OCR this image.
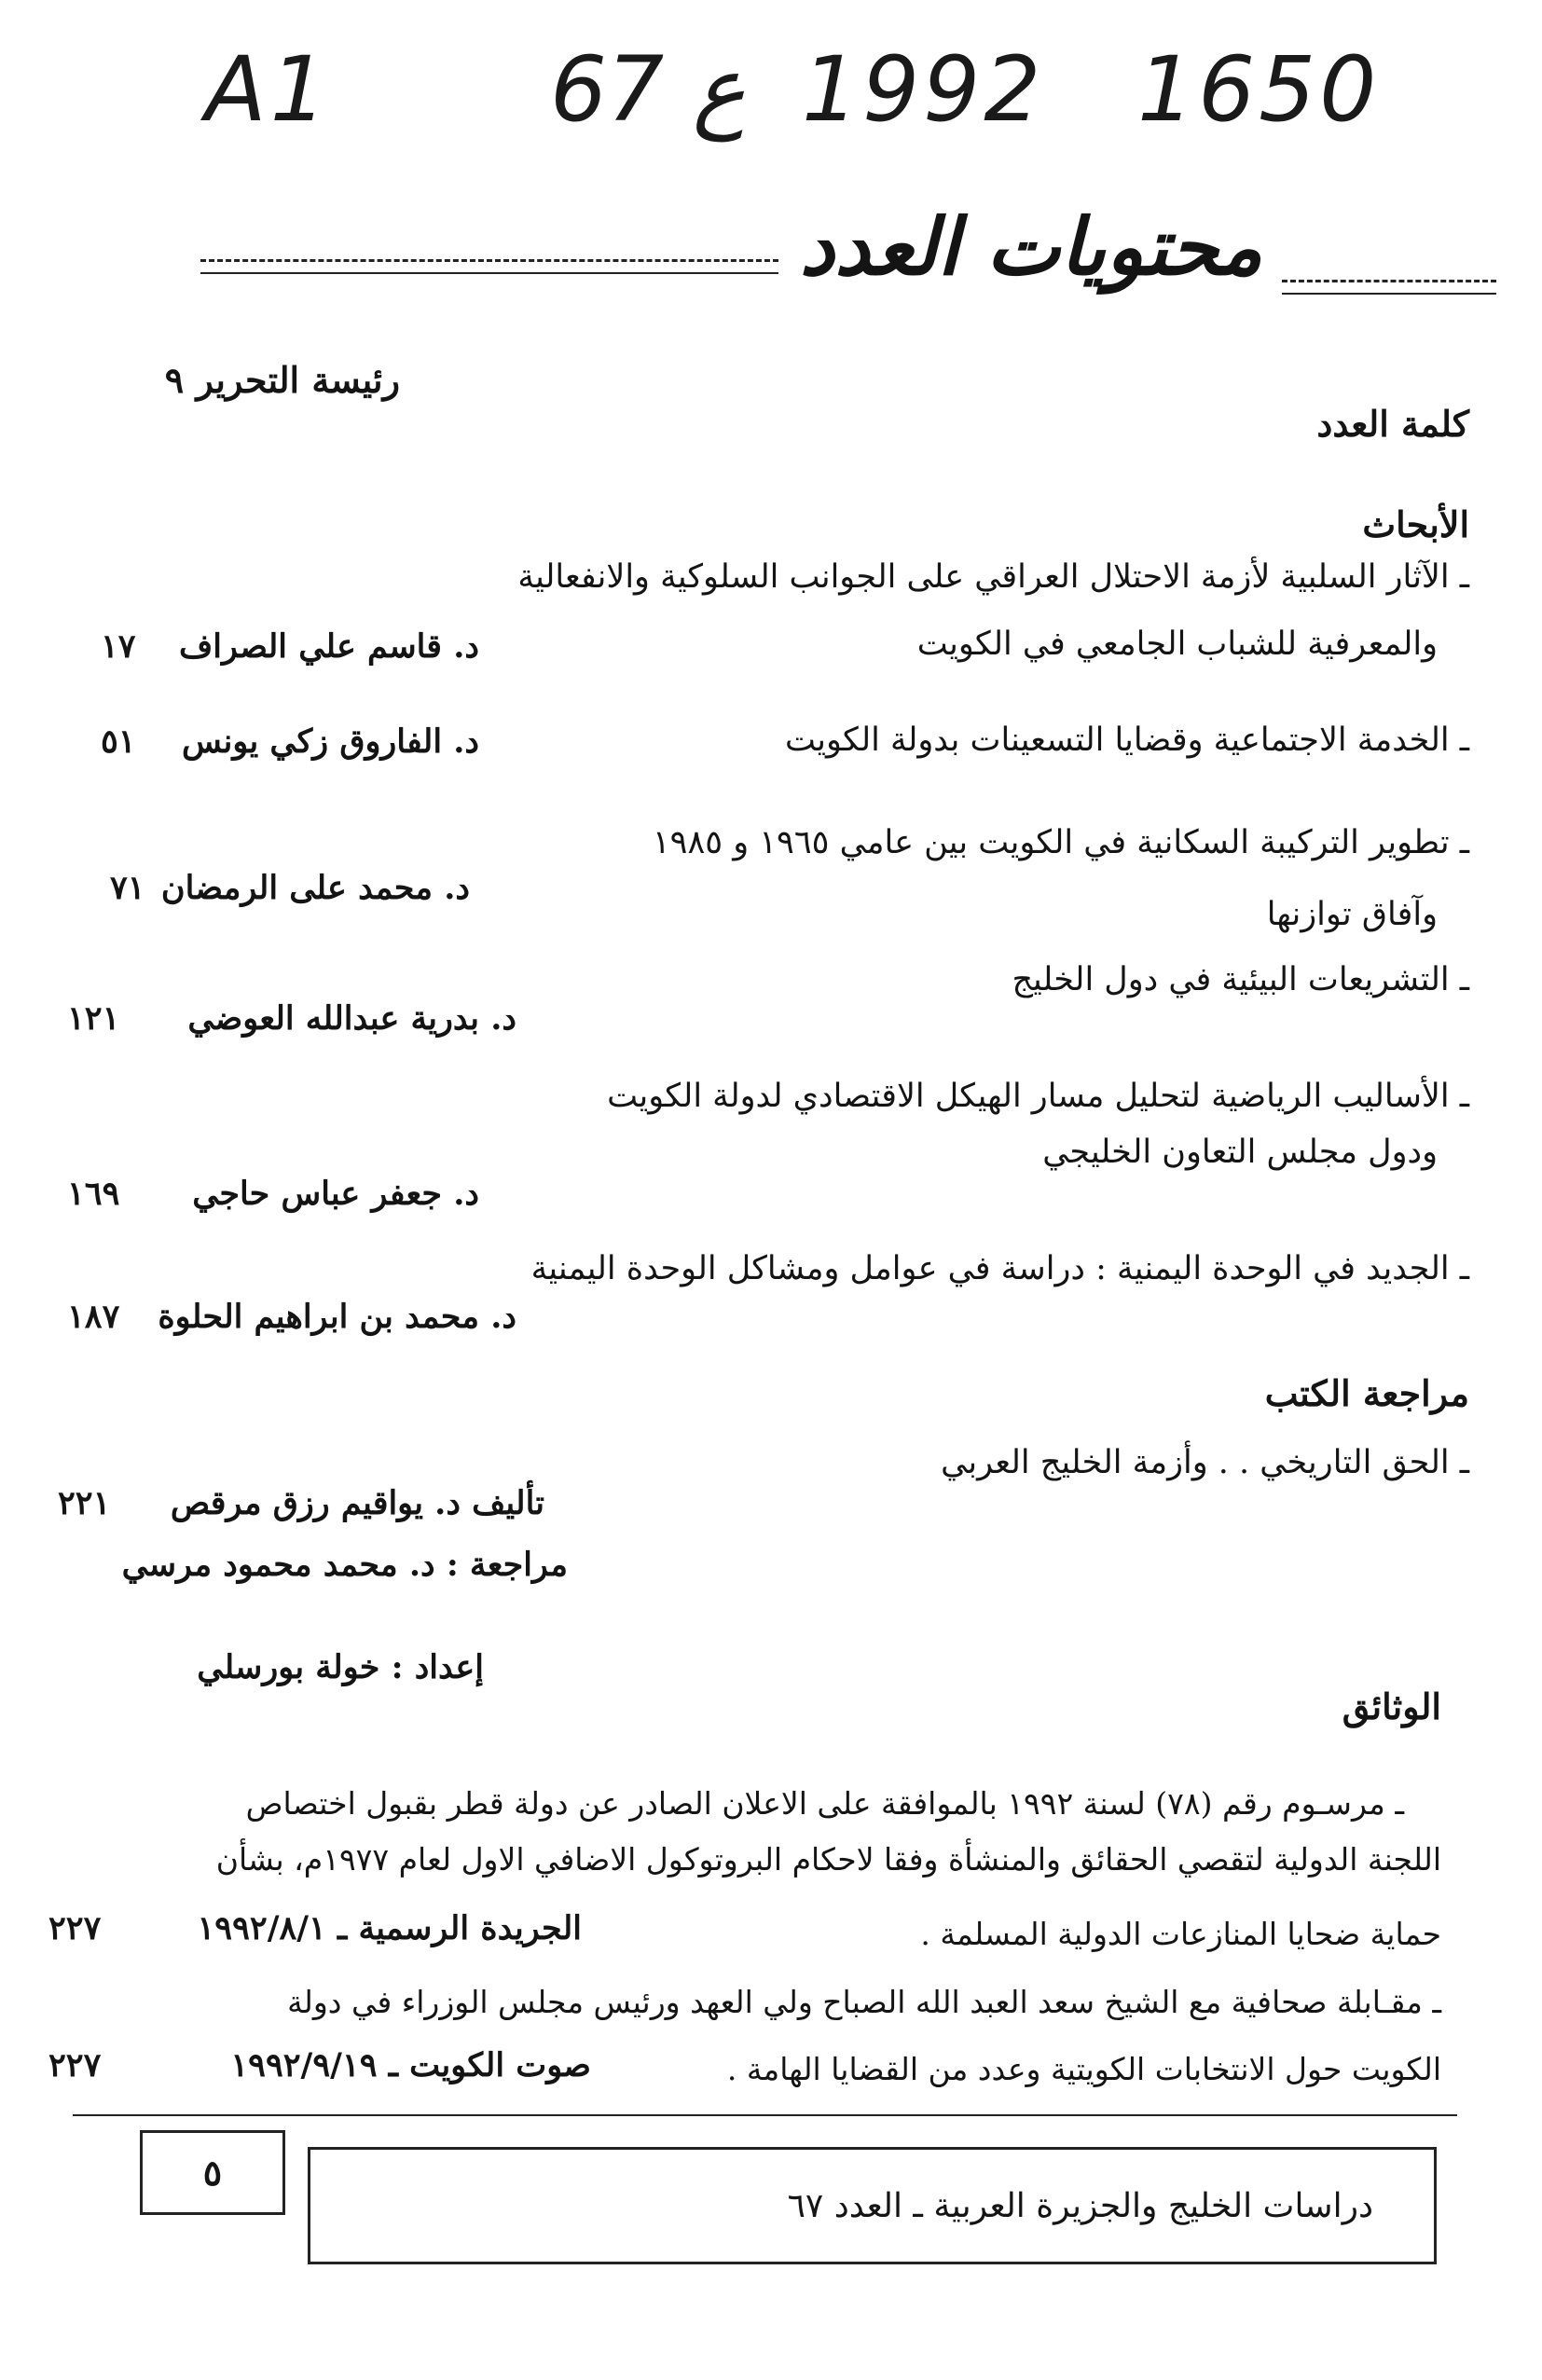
A1 67 ع 1992 1650
محتويات العدد
رئيسة التحرير ٩
كلمة العدد
الأبحاث
ـ الآثار السلبية لأزمة الاحتلال العراقي على الجوانب السلوكية والانفعالية
والمعرفية للشباب الجامعي في الكويت
د. قاسم علي الصراف
١٧
ـ الخدمة الاجتماعية وقضايا التسعينات بدولة الكويت
د. الفاروق زكي يونس
٥١
ـ تطوير التركيبة السكانية في الكويت بين عامي ١٩٦٥ و ١٩٨٥
د. محمد على الرمضان
٧١
وآفاق توازنها
ـ التشريعات البيئية في دول الخليج
د. بدرية عبدالله العوضي
١٢١
ـ الأساليب الرياضية لتحليل مسار الهيكل الاقتصادي لدولة الكويت
ودول مجلس التعاون الخليجي
د. جعفر عباس حاجي
١٦٩
ـ الجديد في الوحدة اليمنية : دراسة في عوامل ومشاكل الوحدة اليمنية
د. محمد بن ابراهيم الحلوة
١٨٧
مراجعة الكتب
ـ الحق التاريخي . . وأزمة الخليج العربي
تأليف د. يواقيم رزق مرقص
٢٢١
مراجعة : د. محمد محمود مرسي
إعداد : خولة بورسلي
الوثائق
ـ مرسـوم رقم (٧٨) لسنة ١٩٩٢ بالموافقة على الاعلان الصادر عن دولة قطر بقبول اختصاص
اللجنة الدولية لتقصي الحقائق والمنشأة وفقا لاحكام البروتوكول الاضافي الاول لعام ١٩٧٧م، بشأن
حماية ضحايا المنازعات الدولية المسلمة .
الجريدة الرسمية ـ ١٩٩٢/٨/١
٢٢٧
ـ مقـابلة صحافية مع الشيخ سعد العبد الله الصباح ولي العهد ورئيس مجلس الوزراء في دولة
الكويت حول الانتخابات الكويتية وعدد من القضايا الهامة .
صوت الكويت ـ ١٩٩٢/٩/١٩
٢٢٧
٥
دراسات الخليج والجزيرة العربية ـ العدد ٦٧
